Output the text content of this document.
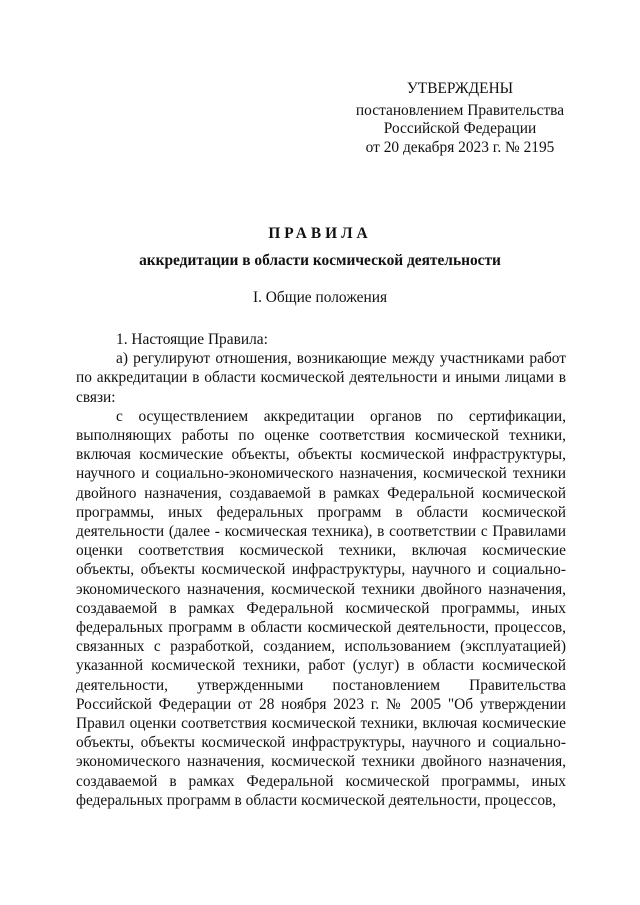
УТВЕРЖДЕНЫ
постановлением Правительства
Российской Федерации
от 20 декабря 2023 г. № 2195
ПРАВИЛА
аккредитации в области космической деятельности
I. Общие положения

1. Настоящие Правила:

а) регулируют отношения, возникающие между участниками работ по аккредитации в области космической деятельности и иными лицами в связи:

с осуществлением аккредитации органов по сертификации, выполняющих работы по оценке соответствия космической техники, включая космические объекты, объекты космической инфраструктуры, научного и социально-экономического назначения, космической техники двойного назначения, создаваемой в рамках Федеральной космической программы, иных федеральных программ в области космической деятельности (далее - космическая техника), в соответствии с Правилами оценки соответствия космической техники, включая космические объекты, объекты космической инфраструктуры, научного и социально-экономического назначения, космической техники двойного назначения, создаваемой в рамках Федеральной космической программы, иных федеральных программ в области космической деятельности, процессов, связанных с разработкой, созданием, использованием (эксплуатацией) указанной космической техники, работ (услуг) в области космической деятельности, утвержденными постановлением Правительства Российской Федерации от 28 ноября 2023 г. № 2005 "Об утверждении Правил оценки соответствия космической техники, включая космические объекты, объекты космической инфраструктуры, научного и социально-экономического назначения, космической техники двойного назначения, создаваемой в рамках Федеральной космической программы, иных федеральных программ в области космической деятельности, процессов,
